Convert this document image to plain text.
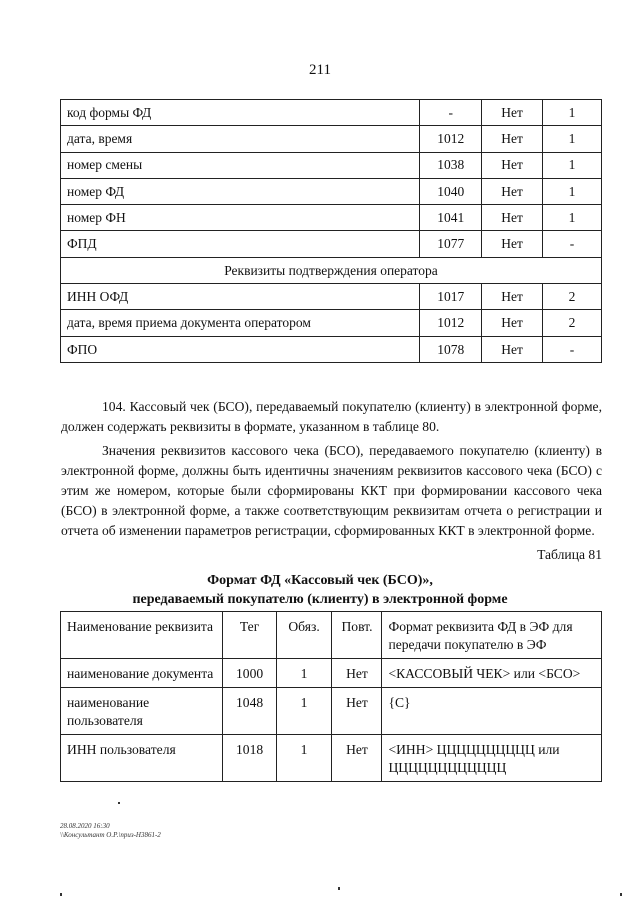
211
код формы ФД	-	Нет	1
дата, время	1012	Нет	1
номер смены	1038	Нет	1
номер ФД	1040	Нет	1
номер ФН	1041	Нет	1
ФПД	1077	Нет	-
Реквизиты подтверждения оператора			
ИНН ОФД	1017	Нет	2
дата, время приема документа оператором	1012	Нет	2
ФПО	1078	Нет	-
104. Кассовый чек (БСО), передаваемый покупателю (клиенту) в электронной форме, должен содержать реквизиты в формате, указанном в таблице 80.
Значения реквизитов кассового чека (БСО), передаваемого покупателю (клиенту) в электронной форме, должны быть идентичны значениям реквизитов кассового чека (БСО) с этим же номером, которые были сформированы ККТ при формировании кассового чека (БСО) в электронной форме, а также соответствующим реквизитам отчета о регистрации и отчета об изменении параметров регистрации, сформированных ККТ в электронной форме.
Таблица 81
Формат ФД «Кассовый чек (БСО)»,
передаваемый покупателю (клиенту) в электронной форме
Наименование реквизита	Тег	Обяз.	Повт.	Формат реквизита ФД в ЭФ для передачи покупателю в ЭФ
наименование документа	1000	1	Нет	<КАССОВЫЙ ЧЕК> или <БСО>
наименование пользователя	1048	1	Нет	{С}
ИНН пользователя	1018	1	Нет	<ИНН> ЦЦЦЦЦЦЦЦЦЦ или ЦЦЦЦЦЦЦЦЦЦЦЦ
28.08.2020 16:30
\\Консультант О.Р.\приз-Н3861-2
